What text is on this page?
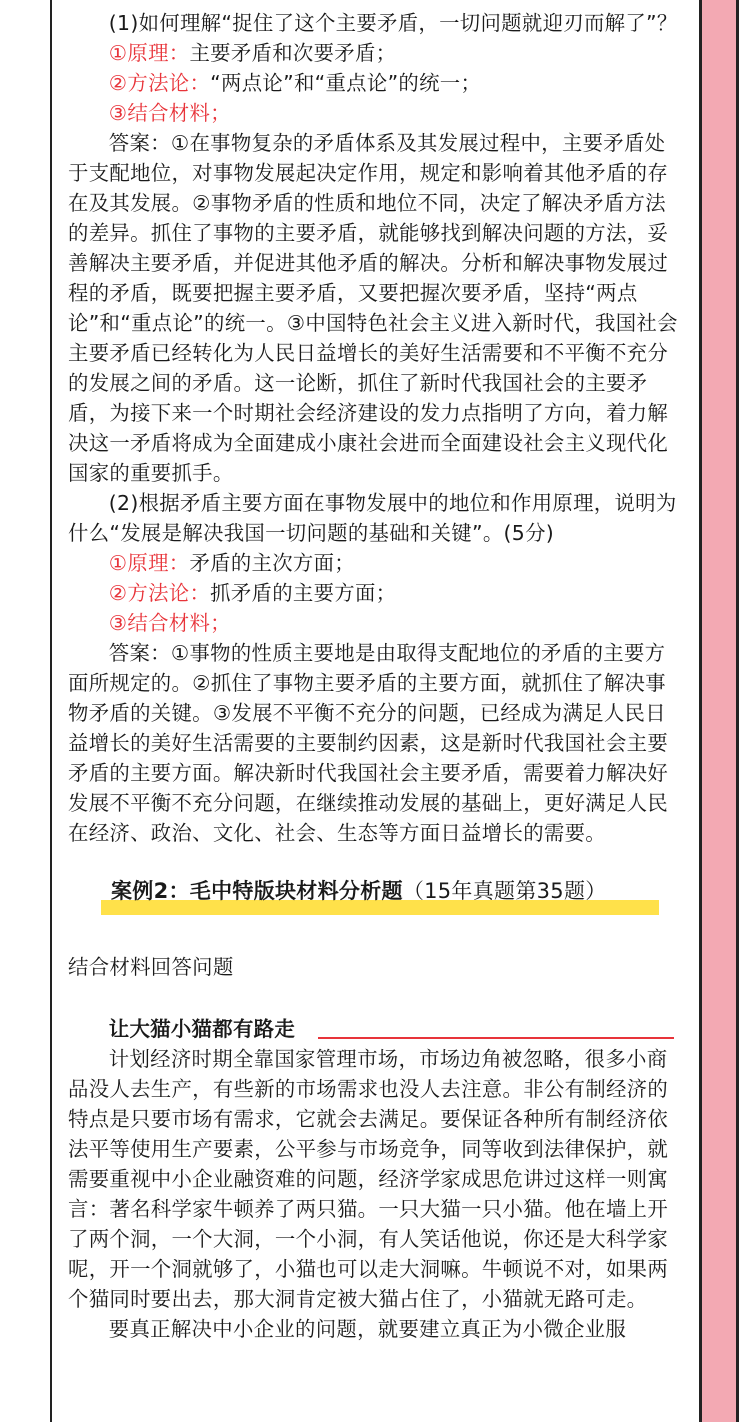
(1)如何理解“捉住了这个主要矛盾，一切问题就迎刃而解了”？

①原理：主要矛盾和次要矛盾；

②方法论：“两点论”和“重点论”的统一；

③结合材料；

答案：①在事物复杂的矛盾体系及其发展过程中，主要矛盾处于支配地位，对事物发展起决定作用，规定和影响着其他矛盾的存在及其发展。②事物矛盾的性质和地位不同，决定了解决矛盾方法的差异。抓住了事物的主要矛盾，就能够找到解决问题的方法，妥善解决主要矛盾，并促进其他矛盾的解决。分析和解决事物发展过程的矛盾，既要把握主要矛盾，又要把握次要矛盾，坚持“两点论”和“重点论”的统一。③中国特色社会主义进入新时代，我国社会主要矛盾已经转化为人民日益增长的美好生活需要和不平衡不充分的发展之间的矛盾。这一论断，抓住了新时代我国社会的主要矛盾，为接下来一个时期社会经济建设的发力点指明了方向，着力解决这一矛盾将成为全面建成小康社会进而全面建设社会主义现代化国家的重要抓手。

(2)根据矛盾主要方面在事物发展中的地位和作用原理，说明为什么“发展是解决我国一切问题的基础和关键”。(5分)

①原理：矛盾的主次方面；

②方法论：抓矛盾的主要方面；

③结合材料；

答案：①事物的性质主要地是由取得支配地位的矛盾的主要方面所规定的。②抓住了事物主要矛盾的主要方面，就抓住了解决事物矛盾的关键。③发展不平衡不充分的问题，已经成为满足人民日益增长的美好生活需要的主要制约因素，这是新时代我国社会主要矛盾的主要方面。解决新时代我国社会主要矛盾，需要着力解决好发展不平衡不充分问题，在继续推动发展的基础上，更好满足人民在经济、政治、文化、社会、生态等方面日益增长的需要。

案例2：毛中特版块材料分析题（15年真题第35题）

结合材料回答问题

让大猫小猫都有路走

计划经济时期全靠国家管理市场，市场边角被忽略，很多小商品没人去生产，有些新的市场需求也没人去注意。非公有制经济的特点是只要市场有需求，它就会去满足。要保证各种所有制经济依法平等使用生产要素，公平参与市场竞争，同等收到法律保护，就需要重视中小企业融资难的问题，经济学家成思危讲过这样一则寓言：著名科学家牛顿养了两只猫。一只大猫一只小猫。他在墙上开了两个洞，一个大洞，一个小洞，有人笑话他说，你还是大科学家呢，开一个洞就够了，小猫也可以走大洞嘛。牛顿说不对，如果两个猫同时要出去，那大洞肯定被大猫占住了，小猫就无路可走。

要真正解决中小企业的问题，就要建立真正为小微企业服
